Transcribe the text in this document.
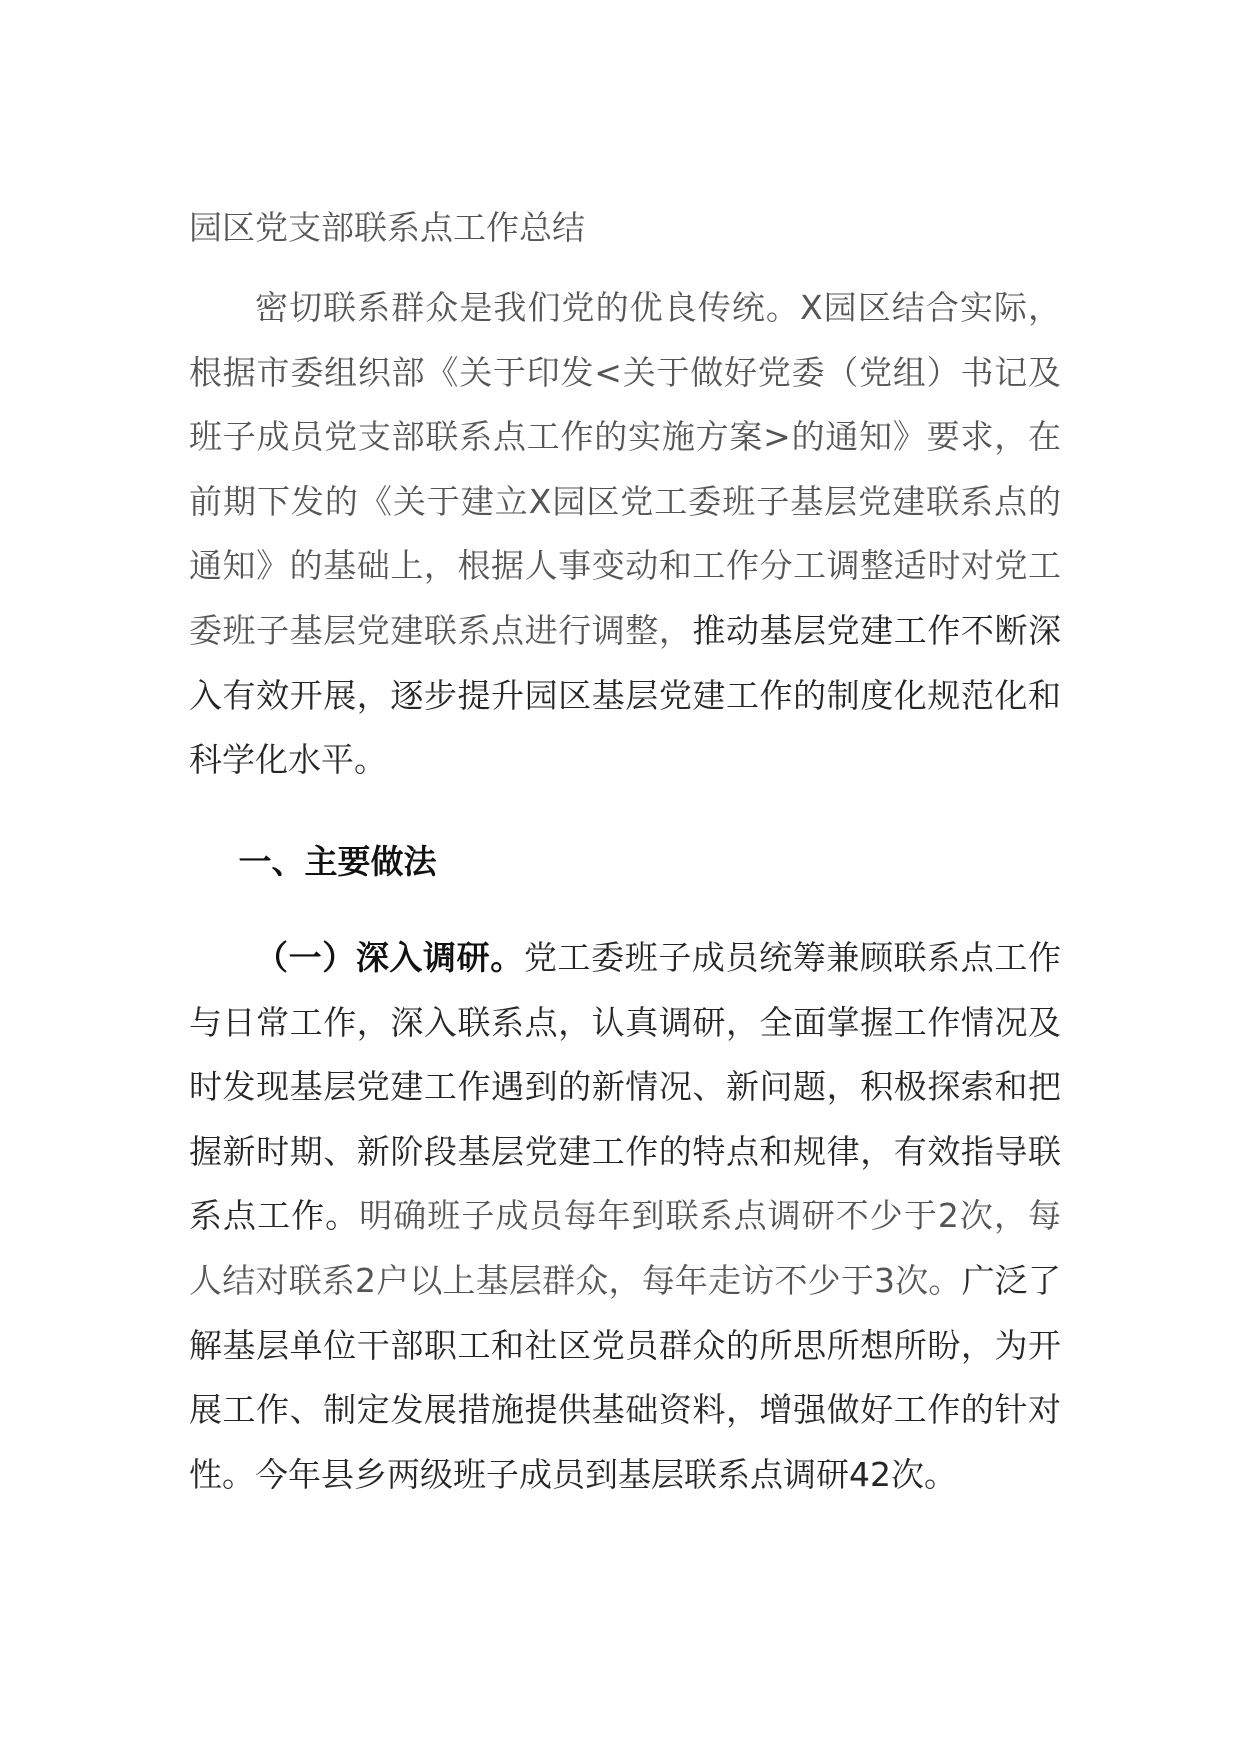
园区党支部联系点工作总结

密切联系群众是我们党的优良传统。X园区结合实际，根据市委组织部《关于印发<关于做好党委（党组）书记及班子成员党支部联系点工作的实施方案>的通知》要求，在前期下发的《关于建立X园区党工委班子基层党建联系点的通知》的基础上，根据人事变动和工作分工调整适时对党工委班子基层党建联系点进行调整，推动基层党建工作不断深入有效开展，逐步提升园区基层党建工作的制度化规范化和科学化水平。

一、主要做法

（一）深入调研。党工委班子成员统筹兼顾联系点工作与日常工作，深入联系点，认真调研，全面掌握工作情况及时发现基层党建工作遇到的新情况、新问题，积极探索和把握新时期、新阶段基层党建工作的特点和规律，有效指导联系点工作。明确班子成员每年到联系点调研不少于2次，每人结对联系2户以上基层群众，每年走访不少于3次。广泛了解基层单位干部职工和社区党员群众的所思所想所盼，为开展工作、制定发展措施提供基础资料，增强做好工作的针对性。今年县乡两级班子成员到基层联系点调研42次。
